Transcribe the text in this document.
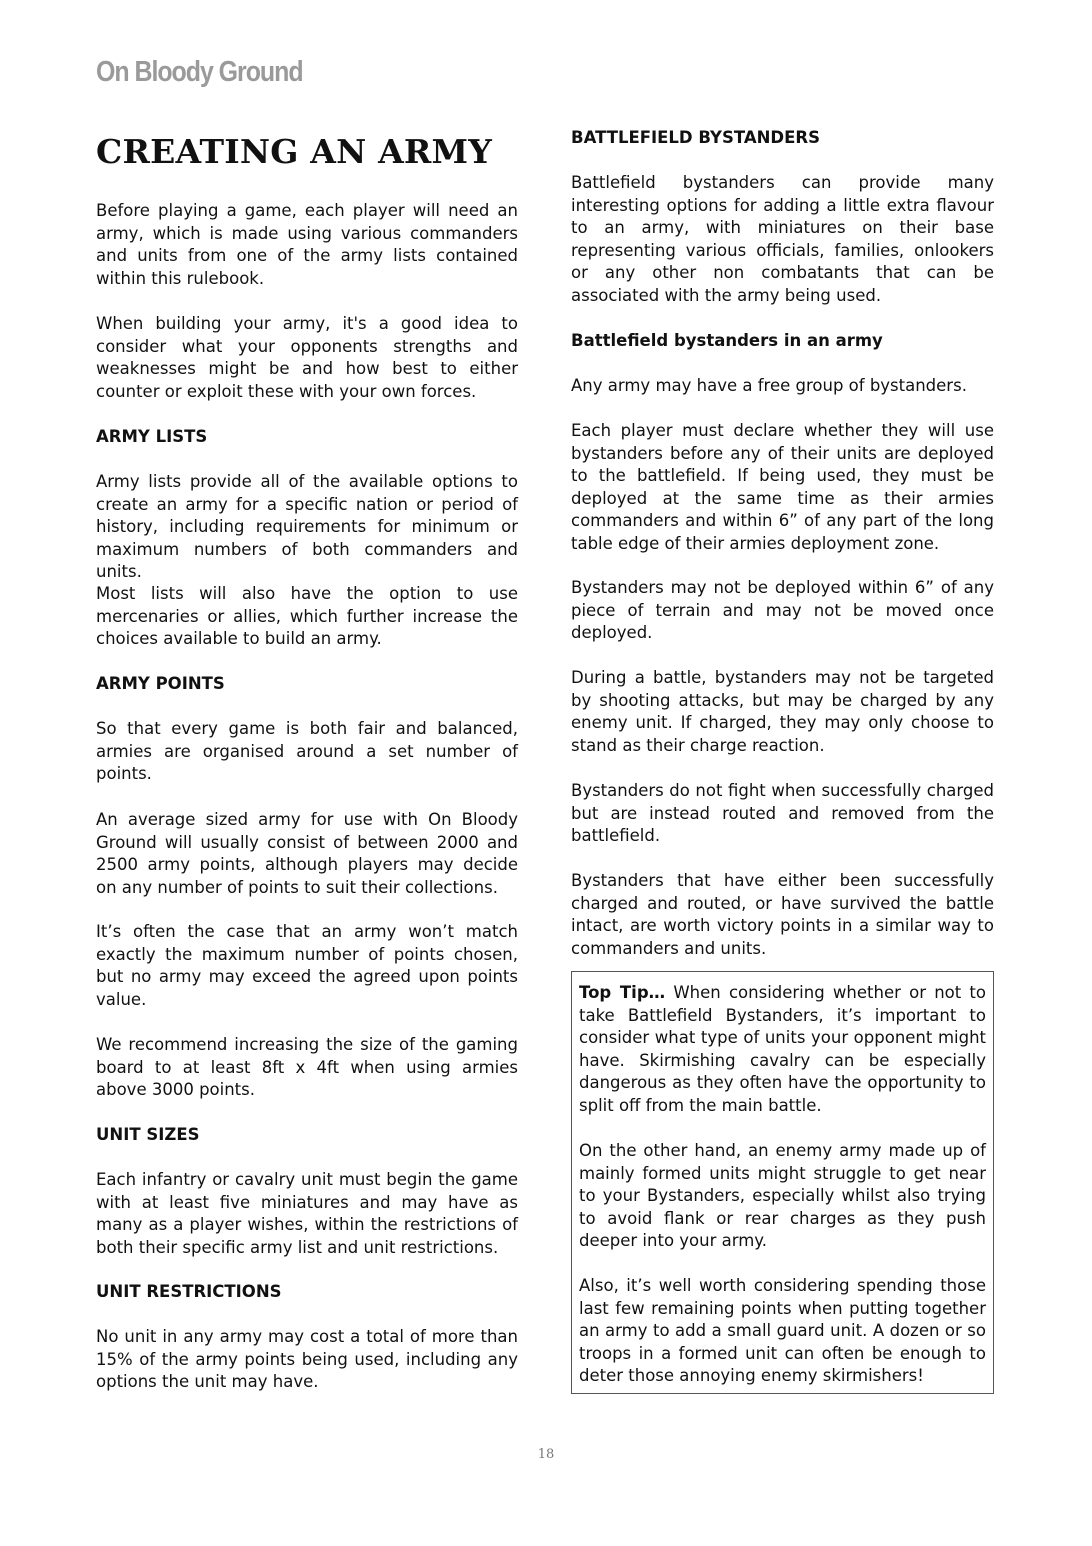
On Bloody Ground
CREATING AN ARMY

Before playing a game, each player will need an army, which is made using various commanders and units from one of the army lists contained within this rulebook.

When building your army, it's a good idea to consider what your opponents strengths and weaknesses might be and how best to either counter or exploit these with your own forces.

ARMY LISTS

Army lists provide all of the available options to create an army for a specific nation or period of history, including requirements for minimum or maximum numbers of both commanders and units.

Most lists will also have the option to use mercenaries or allies, which further increase the choices available to build an army.

ARMY POINTS

So that every game is both fair and balanced, armies are organised around a set number of points.

An average sized army for use with On Bloody Ground will usually consist of between 2000 and 2500 army points, although players may decide on any number of points to suit their collections.

It’s often the case that an army won’t match exactly the maximum number of points chosen, but no army may exceed the agreed upon points value.

We recommend increasing the size of the gaming board to at least 8ft x 4ft when using armies above 3000 points.

UNIT SIZES

Each infantry or cavalry unit must begin the game with at least five miniatures and may have as many as a player wishes, within the restrictions of both their specific army list and unit restrictions.

UNIT RESTRICTIONS

No unit in any army may cost a total of more than 15% of the army points being used, including any options the unit may have.

BATTLEFIELD BYSTANDERS

Battlefield bystanders can provide many interesting options for adding a little extra flavour to an army, with miniatures on their base representing various officials, families, onlookers or any other non combatants that can be associated with the army being used.

Battlefield bystanders in an army

Any army may have a free group of bystanders.

Each player must declare whether they will use bystanders before any of their units are deployed to the battlefield. If being used, they must be deployed at the same time as their armies commanders and within 6” of any part of the long table edge of their armies deployment zone.

Bystanders may not be deployed within 6” of any piece of terrain and may not be moved once deployed.

During a battle, bystanders may not be targeted by shooting attacks, but may be charged by any enemy unit. If charged, they may only choose to stand as their charge reaction.

Bystanders do not fight when successfully charged but are instead routed and removed from the battlefield.

Bystanders that have either been successfully charged and routed, or have survived the battle intact, are worth victory points in a similar way to commanders and units.

Top Tip… When considering whether or not to take Battlefield Bystanders, it’s important to consider what type of units your opponent might have. Skirmishing cavalry can be especially dangerous as they often have the opportunity to split off from the main battle.

On the other hand, an enemy army made up of mainly formed units might struggle to get near to your Bystanders, especially whilst also trying to avoid flank or rear charges as they push deeper into your army.

Also, it’s well worth considering spending those last few remaining points when putting together an army to add a small guard unit. A dozen or so troops in a formed unit can often be enough to deter those annoying enemy skirmishers!

18
